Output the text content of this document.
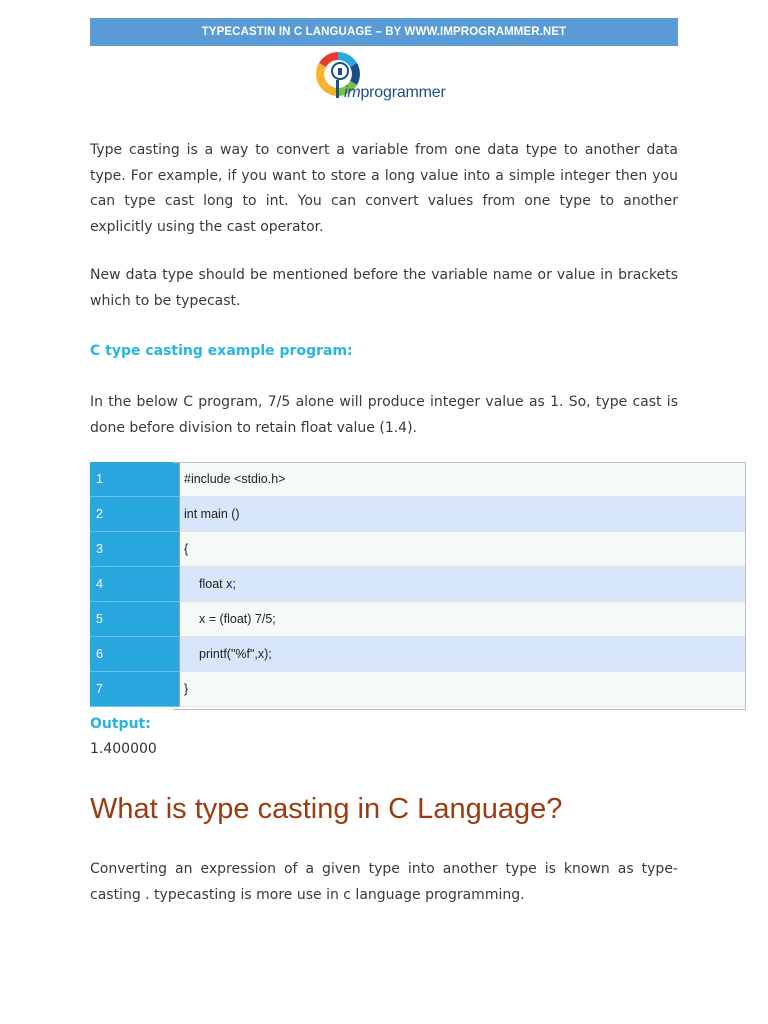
TYPECASTIN IN C LANGUAGE – BY WWW.IMPROGRAMMER.NET
improgrammer
Type casting is a way to convert a variable from one data type to another data type. For example, if you want to store a long value into a simple integer then you can type cast long to int. You can convert values from one type to another explicitly using the cast operator.
New data type should be mentioned before the variable name or value in brackets which to be typecast.
C type casting example program:
In the below C program, 7/5 alone will produce integer value as 1. So, type cast is done before division to retain float value (1.4).
1	#include <stdio.h>
2	int main ()
3	{
4	float x;
5	x = (float) 7/5;
6	printf("%f",x);
7	}
Output:
1.400000
What is type casting in C Language?
Converting an expression of a given type into another type is known as type-casting . typecasting is more use in c language programming.
